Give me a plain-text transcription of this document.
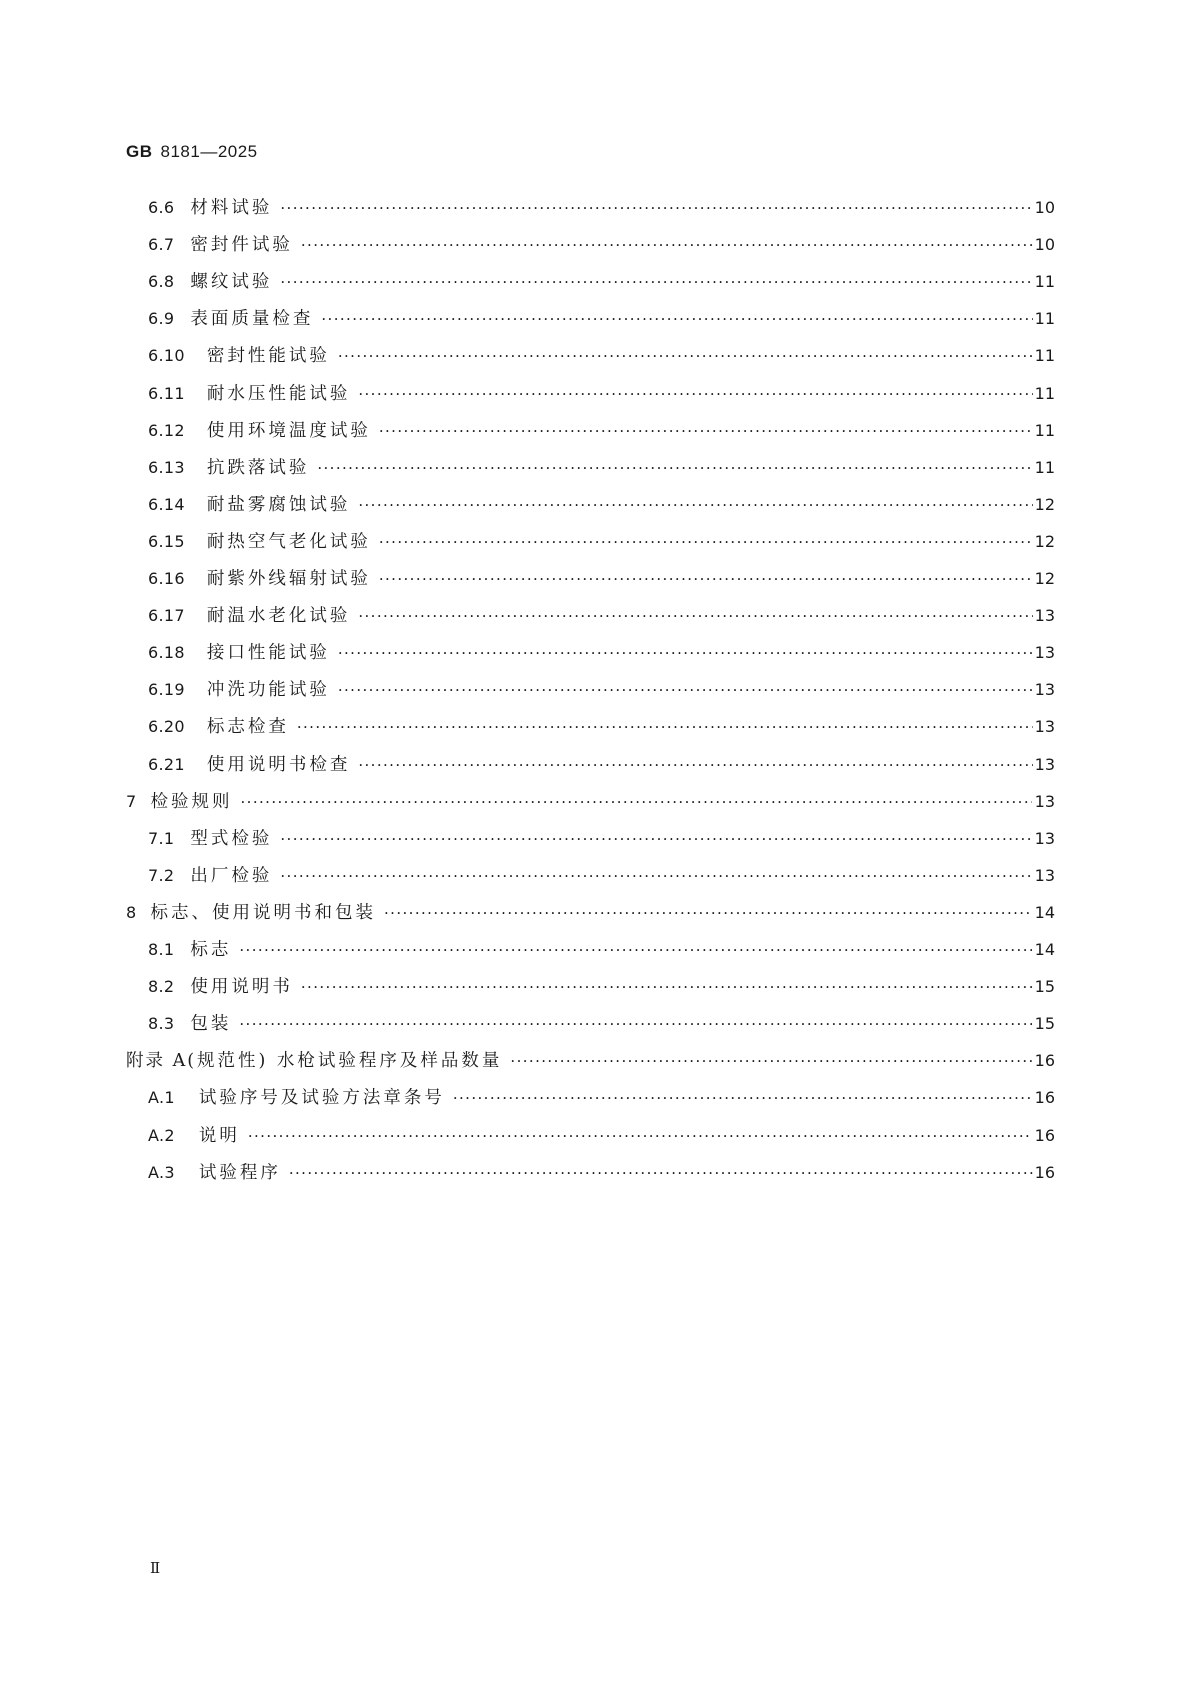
GB 8181—2025
6.6 材料试验 ·····	10
6.7 密封件试验 ·····	10
6.8 螺纹试验 ·····	11
6.9 表面质量检查 ·····	11
6.10 密封性能试验 ·····	11
6.11 耐水压性能试验 ·····	11
6.12 使用环境温度试验 ·····	11
6.13 抗跌落试验 ·····	11
6.14 耐盐雾腐蚀试验 ·····	12
6.15 耐热空气老化试验 ·····	12
6.16 耐紫外线辐射试验 ·····	12
6.17 耐温水老化试验 ·····	13
6.18 接口性能试验 ·····	13
6.19 冲洗功能试验 ·····	13
6.20 标志检查 ·····	13
6.21 使用说明书检查 ·····	13
7 检验规则 ·····	13
7.1 型式检验 ·····	13
7.2 出厂检验 ·····	13
8 标志、使用说明书和包装 ·····	14
8.1 标志 ·····	14
8.2 使用说明书 ·····	15
8.3 包装 ·····	15
附录 A (规范性) 水枪试验程序及样品数量 ·····	16
A.1 试验序号及试验方法章条号 ·····	16
A.2 说明 ·····	16
A.3 试验程序 ·····	16
Ⅱ
